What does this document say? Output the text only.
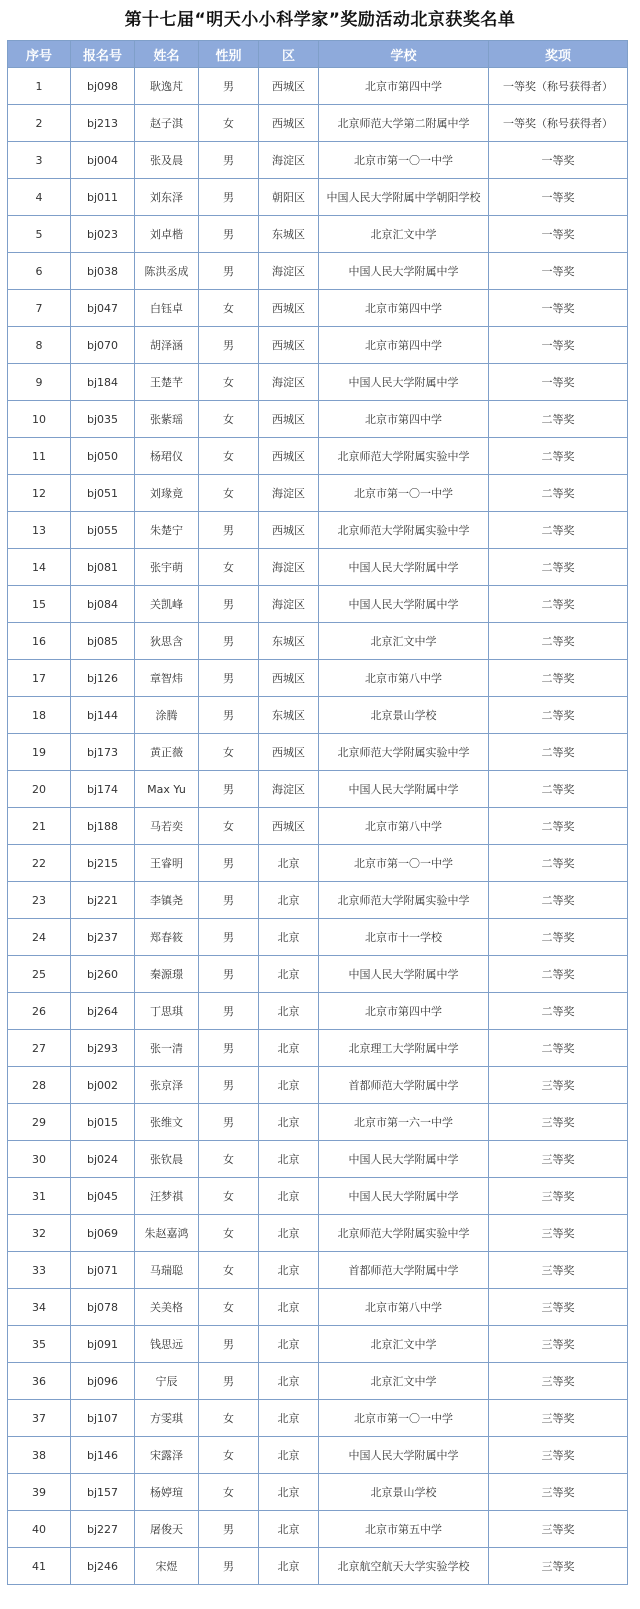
第十七届“明天小小科学家”奖励活动北京获奖名单
序号	报名号	姓名	性别	区	学校	奖项
1	bj098	耿逸芃	男	西城区	北京市第四中学	一等奖（称号获得者）
2	bj213	赵子淇	女	西城区	北京师范大学第二附属中学	一等奖（称号获得者）
3	bj004	张及晨	男	海淀区	北京市第一〇一中学	一等奖
4	bj011	刘东泽	男	朝阳区	中国人民大学附属中学朝阳学校	一等奖
5	bj023	刘卓楷	男	东城区	北京汇文中学	一等奖
6	bj038	陈洪丞成	男	海淀区	中国人民大学附属中学	一等奖
7	bj047	白钰卓	女	西城区	北京市第四中学	一等奖
8	bj070	胡泽涵	男	西城区	北京市第四中学	一等奖
9	bj184	王楚芊	女	海淀区	中国人民大学附属中学	一等奖
10	bj035	张紫瑶	女	西城区	北京市第四中学	二等奖
11	bj050	杨珺仪	女	西城区	北京师范大学附属实验中学	二等奖
12	bj051	刘瑑竟	女	海淀区	北京市第一〇一中学	二等奖
13	bj055	朱楚宁	男	西城区	北京师范大学附属实验中学	二等奖
14	bj081	张宇萌	女	海淀区	中国人民大学附属中学	二等奖
15	bj084	关凯峰	男	海淀区	中国人民大学附属中学	二等奖
16	bj085	狄思含	男	东城区	北京汇文中学	二等奖
17	bj126	章智炜	男	西城区	北京市第八中学	二等奖
18	bj144	涂腾	男	东城区	北京景山学校	二等奖
19	bj173	黄正薇	女	西城区	北京师范大学附属实验中学	二等奖
20	bj174	Max Yu	男	海淀区	中国人民大学附属中学	二等奖
21	bj188	马若奕	女	西城区	北京市第八中学	二等奖
22	bj215	王睿明	男	北京	北京市第一〇一中学	二等奖
23	bj221	李镇尧	男	北京	北京师范大学附属实验中学	二等奖
24	bj237	郑春筱	男	北京	北京市十一学校	二等奖
25	bj260	秦源璟	男	北京	中国人民大学附属中学	二等奖
26	bj264	丁思琪	男	北京	北京市第四中学	二等奖
27	bj293	张一清	男	北京	北京理工大学附属中学	二等奖
28	bj002	张京泽	男	北京	首都师范大学附属中学	三等奖
29	bj015	张维文	男	北京	北京市第一六一中学	三等奖
30	bj024	张钦晨	女	北京	中国人民大学附属中学	三等奖
31	bj045	汪梦祺	女	北京	中国人民大学附属中学	三等奖
32	bj069	朱赵嘉鸿	女	北京	北京师范大学附属实验中学	三等奖
33	bj071	马瑞聪	女	北京	首都师范大学附属中学	三等奖
34	bj078	关美格	女	北京	北京市第八中学	三等奖
35	bj091	钱思远	男	北京	北京汇文中学	三等奖
36	bj096	宁辰	男	北京	北京汇文中学	三等奖
37	bj107	方雯琪	女	北京	北京市第一〇一中学	三等奖
38	bj146	宋露泽	女	北京	中国人民大学附属中学	三等奖
39	bj157	杨婷瑄	女	北京	北京景山学校	三等奖
40	bj227	屠俊天	男	北京	北京市第五中学	三等奖
41	bj246	宋煜	男	北京	北京航空航天大学实验学校	三等奖
